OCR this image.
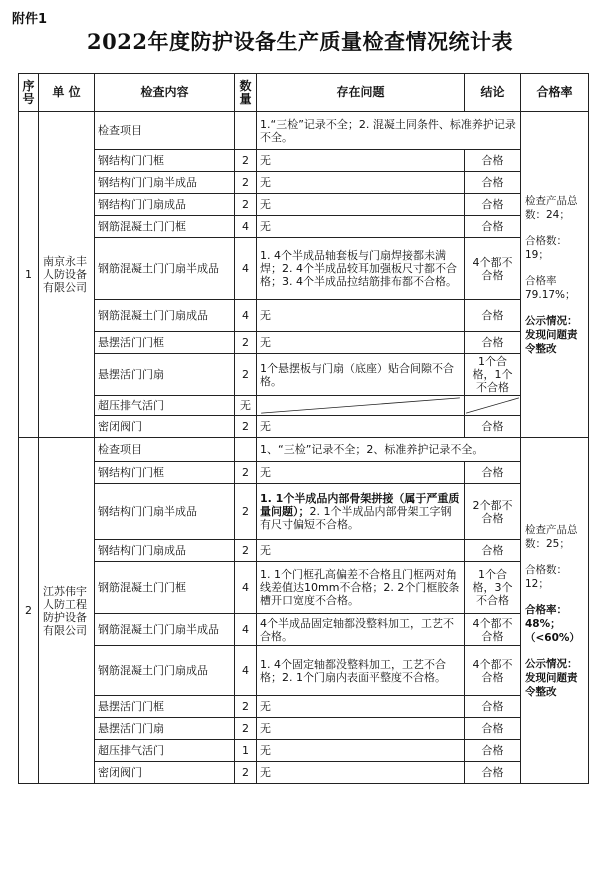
附件1
2022年度防护设备生产质量检查情况统计表
序号	单 位	检查内容	数量	存在问题	结论	合格率
1	南京永丰人防设备有限公司	检查项目		1.“三检”记录不全；2. 混凝土同条件、标准养护记录不全。		检查产品总数：24；
合格数：19；
合格率 79.17%；
公示情况：发现问题责令整改

		钢结构门门框	2	无	合格	
		钢结构门门扇半成品	2	无	合格	
		钢结构门门扇成品	2	无	合格	
		钢筋混凝土门门框	4	无	合格	
		钢筋混凝土门门扇半成品	4	1. 4个半成品轴套板与门扇焊接都未满焊；2. 4个半成品较耳加强板尺寸都不合格；3. 4个半成品拉结筋排布都不合格。	4个都不合格	
		钢筋混凝土门门扇成品	4	无	合格	
		悬摆活门门框	2	无	合格	
		悬摆活门门扇	2	1个悬摆板与门扇（底座）贴合间隙不合格。	1个合格，1个不合格	
		超压排气活门	无	

		密闭阀门	2	无	合格	
2	江苏伟宇人防工程防护设备有限公司	检查项目		1、“三检”记录不全；2、标准养护记录不全。		检查产品总数：25；
合格数：12；
合格率：48%；（<60%）
公示情况：发现问题责令整改

		钢结构门门框	2	无	合格	
		钢结构门门扇半成品	2	1. 1个半成品内部骨架拼接（属于严重质量问题）；2. 1个半成品内部骨架工字钢有尺寸偏短不合格。	2个都不合格	
		钢结构门门扇成品	2	无	合格	
		钢筋混凝土门门框	4	1. 1个门框孔高偏差不合格且门框两对角线差值达10mm不合格；2. 2个门框胶条槽开口宽度不合格。	1个合格，3个不合格	
		钢筋混凝土门门扇半成品	4	4个半成品固定轴都没整料加工，工艺不合格。	4个都不合格	
		钢筋混凝土门门扇成品	4	1. 4个固定轴都没整料加工，工艺不合格；2. 1个门扇内表面平整度不合格。	4个都不合格	
		悬摆活门门框	2	无	合格	
		悬摆活门门扇	2	无	合格	
		超压排气活门	1	无	合格	
		密闭阀门	2	无	合格	
